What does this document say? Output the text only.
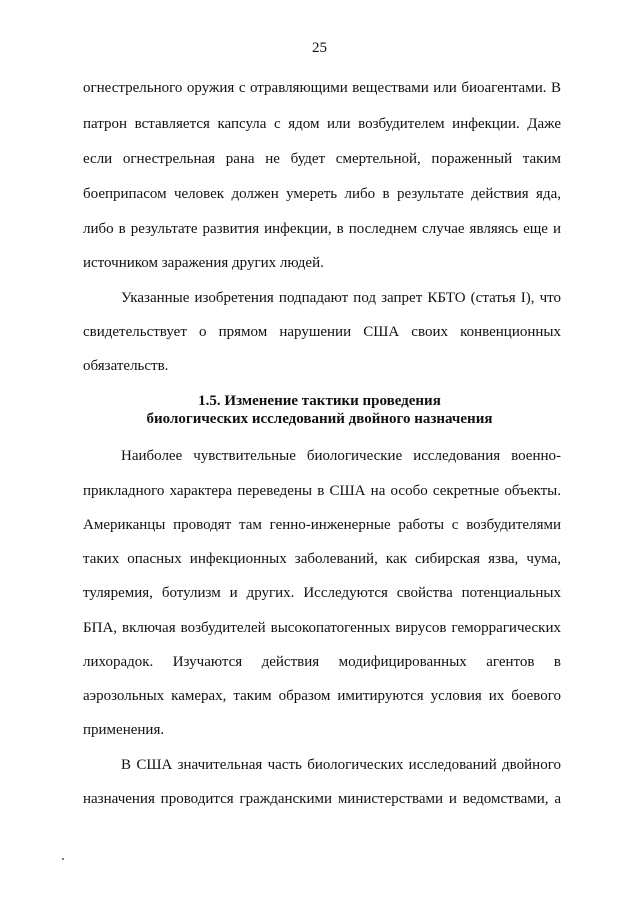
25
огнестрельного оружия с отравляющими веществами или биоагентами. В
патрон вставляется капсула с ядом или возбудителем инфекции. Даже
если огнестрельная рана не будет смертельной, пораженный таким
боеприпасом человек должен умереть либо в результате действия яда,
либо в результате развития инфекции, в последнем случае являясь еще и
источником заражения других людей.
Указанные изобретения подпадают под запрет КБТО (статья I), что
свидетельствует о прямом нарушении США своих конвенционных
обязательств.
1.5. Изменение тактики проведения
биологических исследований двойного назначения
Наиболее чувствительные биологические исследования военно-
прикладного характера переведены в США на особо секретные объекты.
Американцы проводят там генно-инженерные работы с возбудителями
таких опасных инфекционных заболеваний, как сибирская язва, чума,
туляремия, ботулизм и других. Исследуются свойства потенциальных
БПА, включая возбудителей высокопатогенных вирусов геморрагических
лихорадок. Изучаются действия модифицированных агентов в
аэрозольных камерах, таким образом имитируются условия их боевого
применения.
В США значительная часть биологических исследований двойного
назначения проводится гражданскими министерствами и ведомствами, а
